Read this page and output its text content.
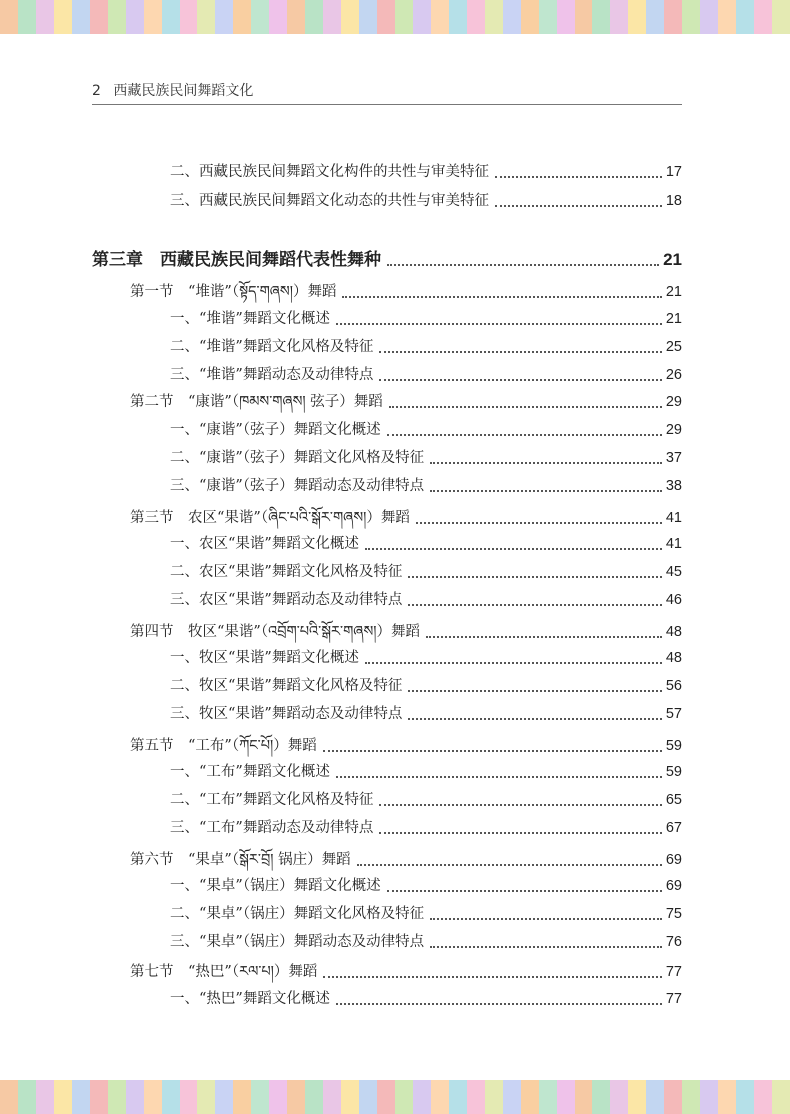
2 西藏民族民间舞蹈文化
二、西藏民族民间舞蹈文化构件的共性与审美特征	17
三、西藏民族民间舞蹈文化动态的共性与审美特征	18
第三章　西藏民族民间舞蹈代表性舞种	21
第一节　“堆谐”（སྟོད་གཞས།）舞蹈	21
一、“堆谐”舞蹈文化概述	21
二、“堆谐”舞蹈文化风格及特征	25
三、“堆谐”舞蹈动态及动律特点	26
第二节　“康谐”（ཁམས་གཞས། 弦子）舞蹈	29
一、“康谐”（弦子）舞蹈文化概述	29
二、“康谐”（弦子）舞蹈文化风格及特征	37
三、“康谐”（弦子）舞蹈动态及动律特点	38
第三节　农区“果谐”（ཞིང་པའི་སྒོར་གཞས།）舞蹈	41
一、农区“果谐”舞蹈文化概述	41
二、农区“果谐”舞蹈文化风格及特征	45
三、农区“果谐”舞蹈动态及动律特点	46
第四节　牧区“果谐”（འབྲོག་པའི་སྒོར་གཞས།）舞蹈	48
一、牧区“果谐”舞蹈文化概述	48
二、牧区“果谐”舞蹈文化风格及特征	56
三、牧区“果谐”舞蹈动态及动律特点	57
第五节　“工布”（ཀོང་པོ།）舞蹈	59
一、“工布”舞蹈文化概述	59
二、“工布”舞蹈文化风格及特征	65
三、“工布”舞蹈动态及动律特点	67
第六节　“果卓”（སྒོར་བྲོ། 锅庄）舞蹈	69
一、“果卓”（锅庄）舞蹈文化概述	69
二、“果卓”（锅庄）舞蹈文化风格及特征	75
三、“果卓”（锅庄）舞蹈动态及动律特点	76
第七节　“热巴”（རལ་པ།）舞蹈	77
一、“热巴”舞蹈文化概述	77
